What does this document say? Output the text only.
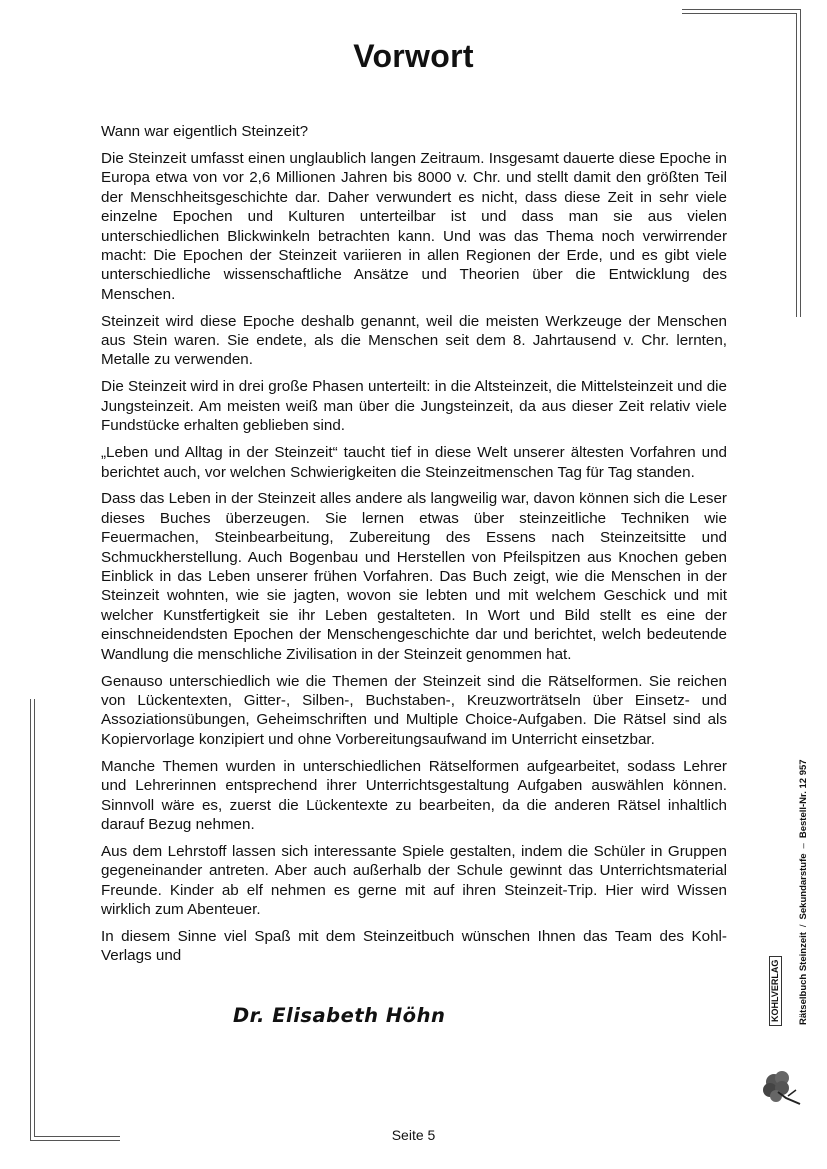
Vorwort

Wann war eigentlich Steinzeit?

Die Steinzeit umfasst einen unglaublich langen Zeitraum. Insgesamt dauerte diese Epoche in Europa etwa von vor 2,6 Millionen Jahren bis 8000 v. Chr. und stellt damit den größten Teil der Menschheitsgeschichte dar. Daher verwundert es nicht, dass diese Zeit in sehr viele einzelne Epochen und Kulturen unterteilbar ist und dass man sie aus vielen unterschiedlichen Blickwinkeln betrachten kann. Und was das Thema noch verwirrender macht: Die Epochen der Steinzeit variieren in allen Regionen der Erde, und es gibt viele unterschiedliche wissenschaftliche Ansätze und Theorien über die Entwicklung des Menschen.

Steinzeit wird diese Epoche deshalb genannt, weil die meisten Werkzeuge der Menschen aus Stein waren. Sie endete, als die Menschen seit dem 8. Jahrtausend v. Chr. lernten, Metalle zu verwenden.

Die Steinzeit wird in drei große Phasen unterteilt: in die Altsteinzeit, die Mittelsteinzeit und die Jungsteinzeit. Am meisten weiß man über die Jungsteinzeit, da aus dieser Zeit relativ viele Fundstücke erhalten geblieben sind.

„Leben und Alltag in der Steinzeit“ taucht tief in diese Welt unserer ältesten Vorfahren und berichtet auch, vor welchen Schwierigkeiten die Steinzeitmenschen Tag für Tag standen.

Dass das Leben in der Steinzeit alles andere als langweilig war, davon können sich die Leser dieses Buches überzeugen. Sie lernen etwas über steinzeitliche Techniken wie Feuermachen, Steinbearbeitung, Zubereitung des Essens nach Steinzeitsitte und Schmuckherstellung. Auch Bogenbau und Herstellen von Pfeilspitzen aus Knochen geben Einblick in das Leben unserer frühen Vorfahren. Das Buch zeigt, wie die Menschen in der Steinzeit wohnten, wie sie jagten, wovon sie lebten und mit welchem Geschick und mit welcher Kunstfertigkeit sie ihr Leben gestalteten. In Wort und Bild stellt es eine der einschneidendsten Epochen der Menschengeschichte dar und berichtet, welch bedeutende Wandlung die menschliche Zivilisation in der Steinzeit genommen hat.

Genauso unterschiedlich wie die Themen der Steinzeit sind die Rätselformen. Sie reichen von Lückentexten, Gitter-, Silben-, Buchstaben-, Kreuzworträtseln über Einsetz- und Assoziationsübungen, Geheimschriften und Multiple Choice-Aufgaben. Die Rätsel sind als Kopiervorlage konzipiert und ohne Vorbereitungsaufwand im Unterricht einsetzbar.

Manche Themen wurden in unterschiedlichen Rätselformen aufgearbeitet, sodass Lehrer und Lehrerinnen entsprechend ihrer Unterrichtsgestaltung Aufgaben auswählen können. Sinnvoll wäre es, zuerst die Lückentexte zu bearbeiten, da die anderen Rätsel inhaltlich darauf Bezug nehmen.

Aus dem Lehrstoff lassen sich interessante Spiele gestalten, indem die Schüler in Gruppen gegeneinander antreten. Aber auch außerhalb der Schule gewinnt das Unterrichtsmaterial Freunde. Kinder ab elf nehmen es gerne mit auf ihren Steinzeit-Trip. Hier wird Wissen wirklich zum Abenteuer.

In diesem Sinne viel Spaß mit dem Steinzeitbuch wünschen Ihnen das Team des Kohl-Verlags und

Dr. Elisabeth Höhn	Rätselbuch Steinzeit/Sekundarstufe–Bestell-Nr. 12 957
KOHLVERLAG
Seite 5
